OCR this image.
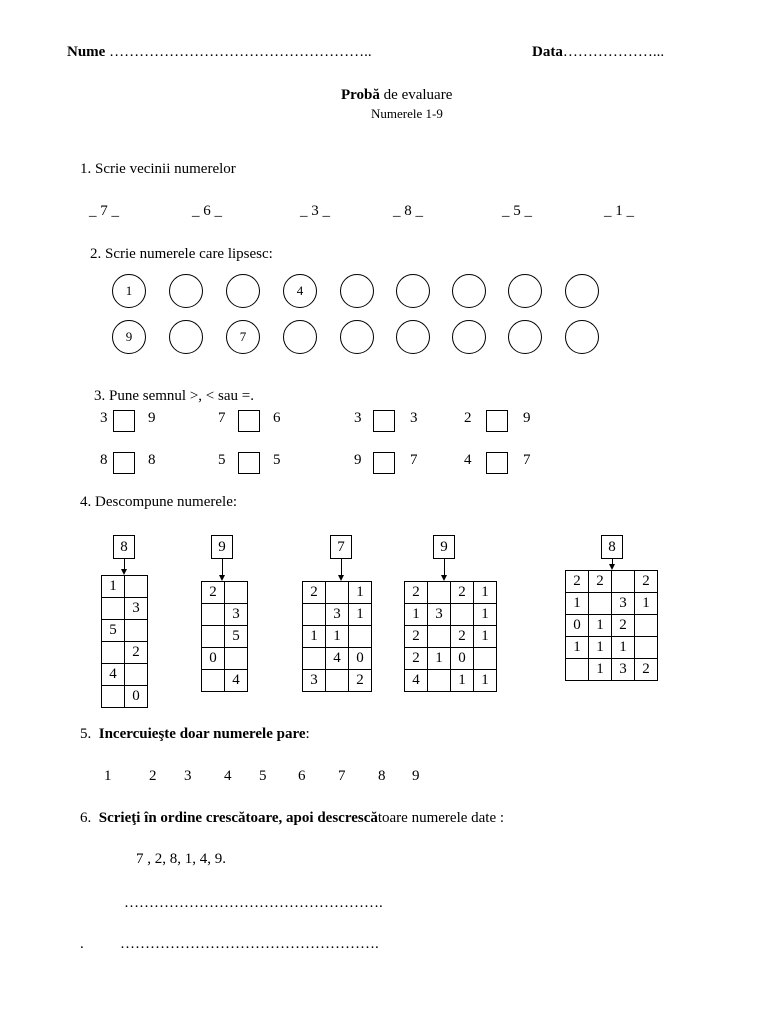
Nume ……………………………………………..	Data………………...
Probă de evaluare
Numerele 1-9
1. Scrie vecinii numerelor
_ 7 _	_ 6 _	_ 3 _	_ 8 _	_ 5 _	_ 1 _
2. Scrie numerele care lipsesc:
1	4
9	7
3. Pune semnul >, < sau =.
3	9	7	6	3	3	2	9
8	8	5	5	9	7	4	7
4. Descompune numerele:
8
1	
	3
5	
	2
4	
	0
9
2	
	3
	5
0	
	4
7
2		1
	3	1
1	1	
	4	0
3		2
9
2		2	1
1	3		1
2		2	1
2	1	0	
4		1	1
8
2	2		2
1		3	1
0	1	2	
1	1	1	
	1	3	2
5. Incercuieşte doar numerele pare:
1	2 3 4 5 6 7 8 9
6. Scrieţi în ordine crescătoare, apoi descrescătoare numerele date :
7 , 2, 8, 1, 4, 9.
…………………………………………….
. …………………………………………….
